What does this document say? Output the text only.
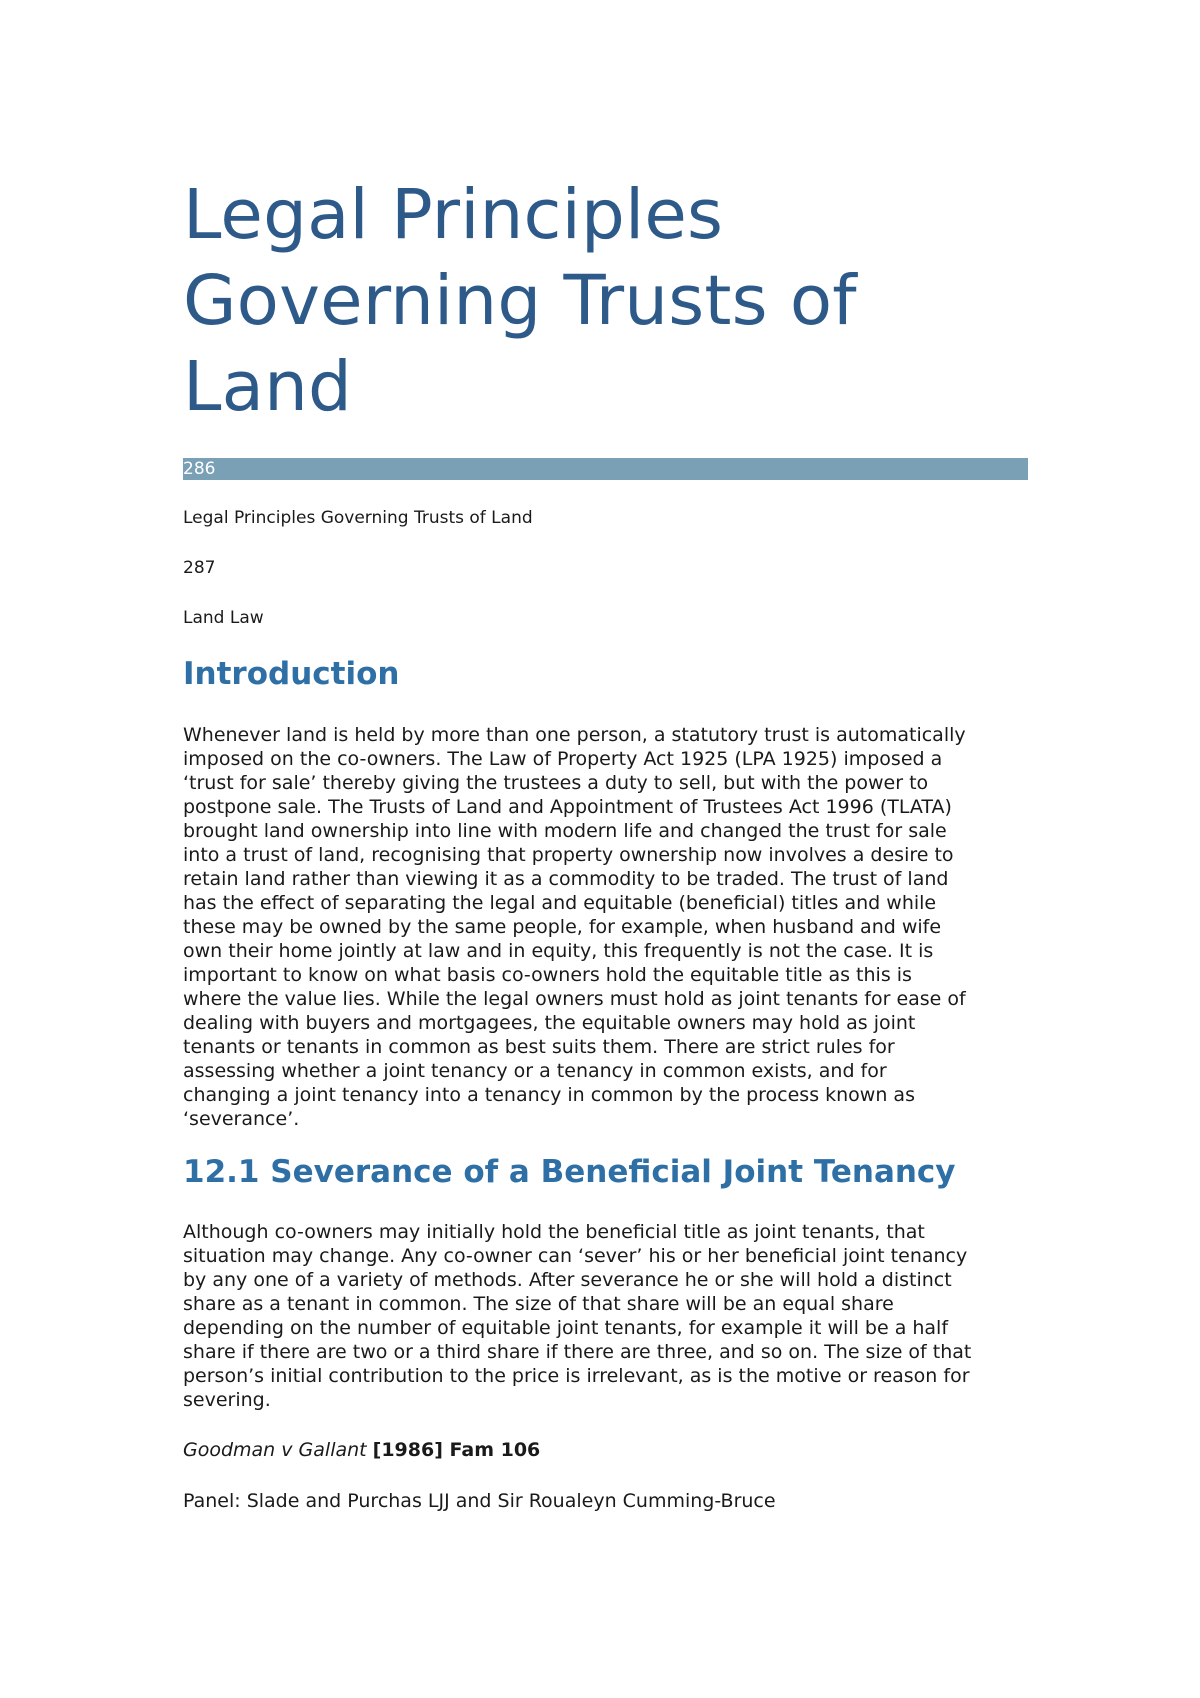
Legal Principles
Governing Trusts of
Land
286
Legal Principles Governing Trusts of Land
287
Land Law
Introduction

Whenever land is held by more than one person, a statutory trust is automatically
imposed on the co-owners. The Law of Property Act 1925 (LPA 1925) imposed a
‘trust for sale’ thereby giving the trustees a duty to sell, but with the power to
postpone sale. The Trusts of Land and Appointment of Trustees Act 1996 (TLATA)
brought land ownership into line with modern life and changed the trust for sale
into a trust of land, recognising that property ownership now involves a desire to
retain land rather than viewing it as a commodity to be traded. The trust of land
has the effect of separating the legal and equitable (beneficial) titles and while
these may be owned by the same people, for example, when husband and wife
own their home jointly at law and in equity, this frequently is not the case. It is
important to know on what basis co-owners hold the equitable title as this is
where the value lies. While the legal owners must hold as joint tenants for ease of
dealing with buyers and mortgagees, the equitable owners may hold as joint
tenants or tenants in common as best suits them. There are strict rules for
assessing whether a joint tenancy or a tenancy in common exists, and for
changing a joint tenancy into a tenancy in common by the process known as
‘severance’.

12.1 Severance of a Beneficial Joint Tenancy

Although co-owners may initially hold the beneficial title as joint tenants, that
situation may change. Any co-owner can ‘sever’ his or her beneficial joint tenancy
by any one of a variety of methods. After severance he or she will hold a distinct
share as a tenant in common. The size of that share will be an equal share
depending on the number of equitable joint tenants, for example it will be a half
share if there are two or a third share if there are three, and so on. The size of that
person’s initial contribution to the price is irrelevant, as is the motive or reason for
severing.

Goodman v Gallant [1986] Fam 106
Panel: Slade and Purchas LJJ and Sir Roualeyn Cumming-Bruce
